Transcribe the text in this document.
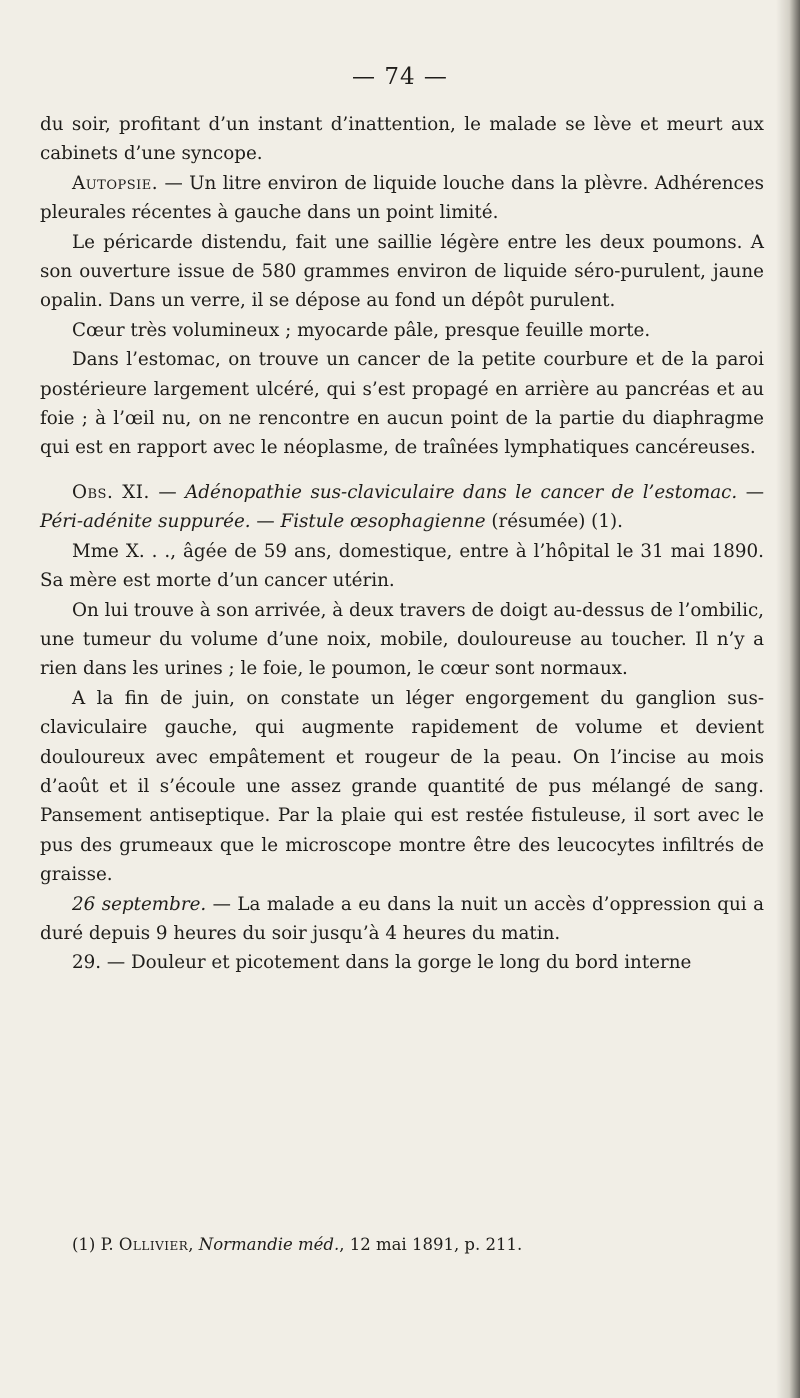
— 74 —

du soir, profitant d’un instant d’inattention, le malade se lève et meurt aux cabinets d’une syncope.

Autopsie. — Un litre environ de liquide louche dans la plèvre. Adhérences pleurales récentes à gauche dans un point limité.

Le péricarde distendu, fait une saillie légère entre les deux poumons. A son ouverture issue de 580 grammes environ de liquide séro-purulent, jaune opalin. Dans un verre, il se dépose au fond un dépôt purulent.

Cœur très volumineux ; myocarde pâle, presque feuille morte.

Dans l’estomac, on trouve un cancer de la petite courbure et de la paroi postérieure largement ulcéré, qui s’est propagé en arrière au pancréas et au foie ; à l’œil nu, on ne rencontre en aucun point de la partie du diaphragme qui est en rapport avec le néoplasme, de traînées lymphatiques cancéreuses.

Obs. XI. — Adénopathie sus-claviculaire dans le cancer de l’estomac. — Péri-adénite suppurée. — Fistule œsophagienne (résumée) (1).

Mme X. . ., âgée de 59 ans, domestique, entre à l’hôpital le 31 mai 1890. Sa mère est morte d’un cancer utérin.

On lui trouve à son arrivée, à deux travers de doigt au-dessus de l’ombilic, une tumeur du volume d’une noix, mobile, douloureuse au toucher. Il n’y a rien dans les urines ; le foie, le poumon, le cœur sont normaux.

A la fin de juin, on constate un léger engorgement du ganglion sus-claviculaire gauche, qui augmente rapidement de volume et devient douloureux avec empâtement et rougeur de la peau. On l’incise au mois d’août et il s’écoule une assez grande quantité de pus mélangé de sang. Pansement antiseptique. Par la plaie qui est restée fistuleuse, il sort avec le pus des grumeaux que le microscope montre être des leucocytes infiltrés de graisse.

26 septembre. — La malade a eu dans la nuit un accès d’oppression qui a duré depuis 9 heures du soir jusqu’à 4 heures du matin.

29. — Douleur et picotement dans la gorge le long du bord interne

(1) P. Ollivier, Normandie méd., 12 mai 1891, p. 211.
